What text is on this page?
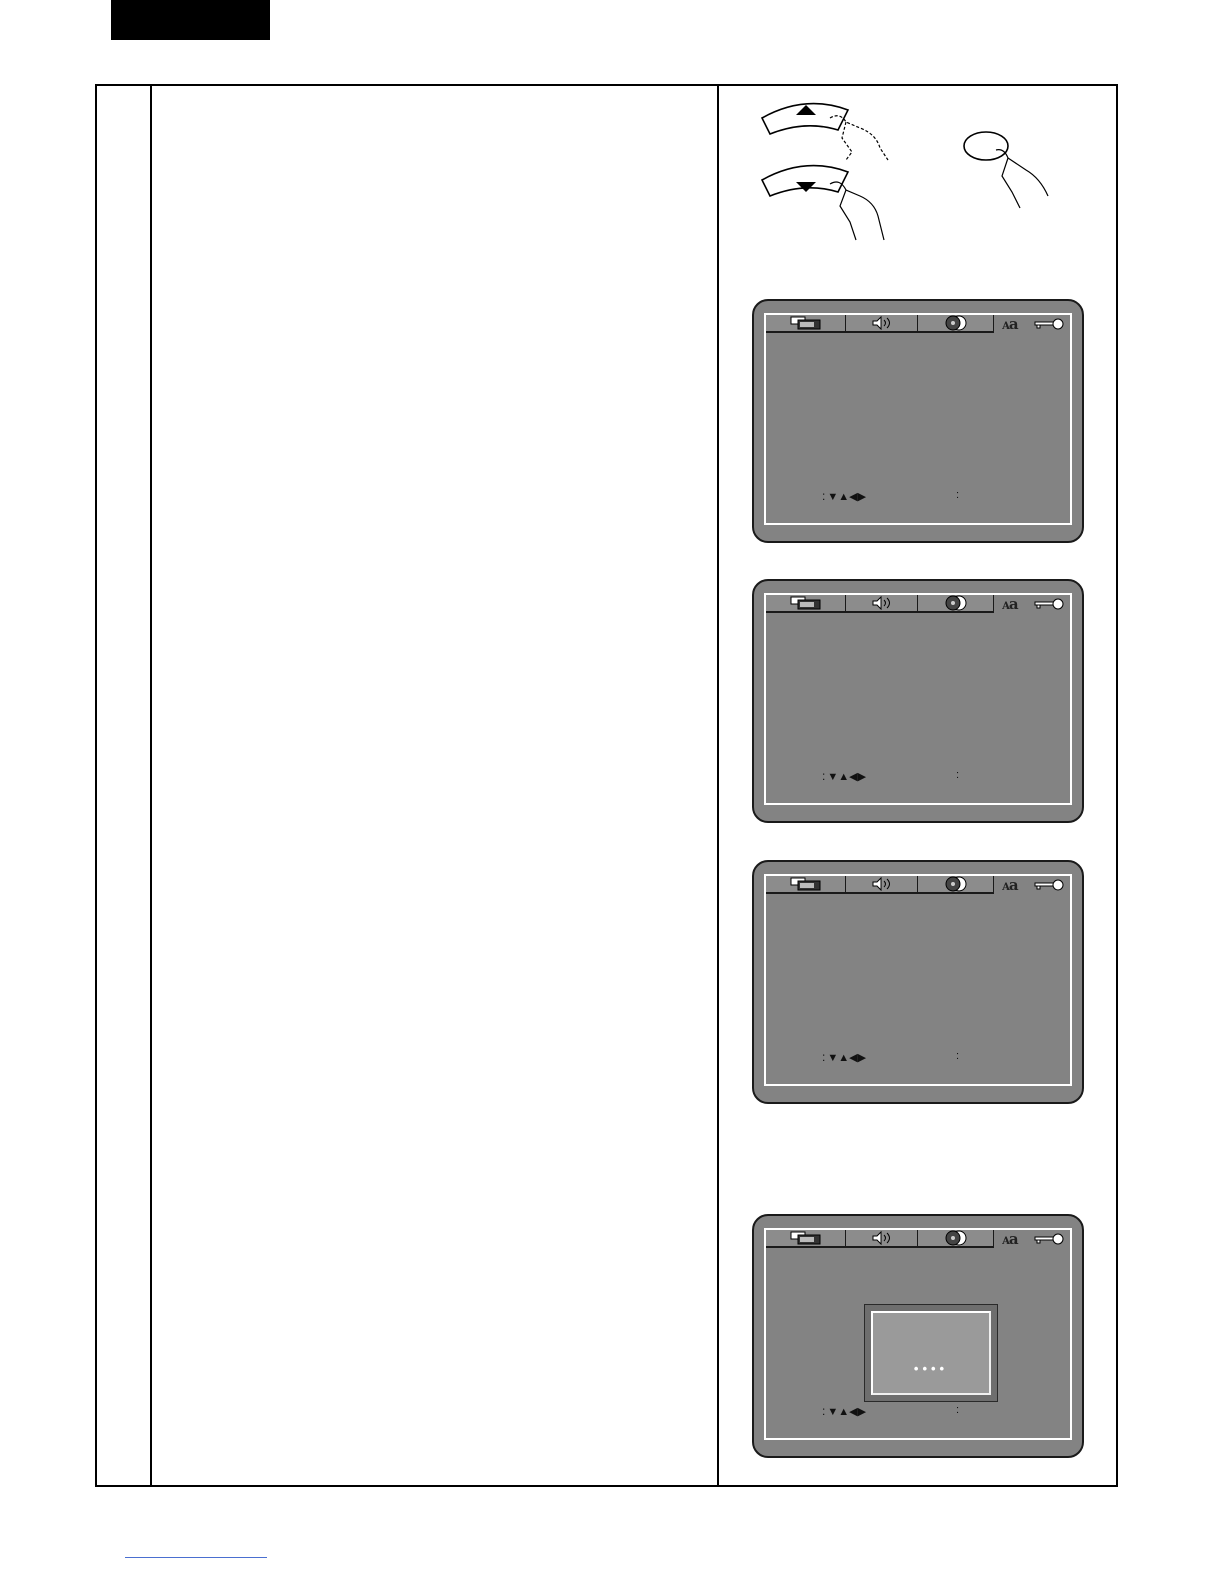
Aa
: ▼▲◀▶	:
Aa
: ▼▲◀▶	:
Aa
: ▼▲◀▶	:
Aa
••••
: ▼▲◀▶	:
